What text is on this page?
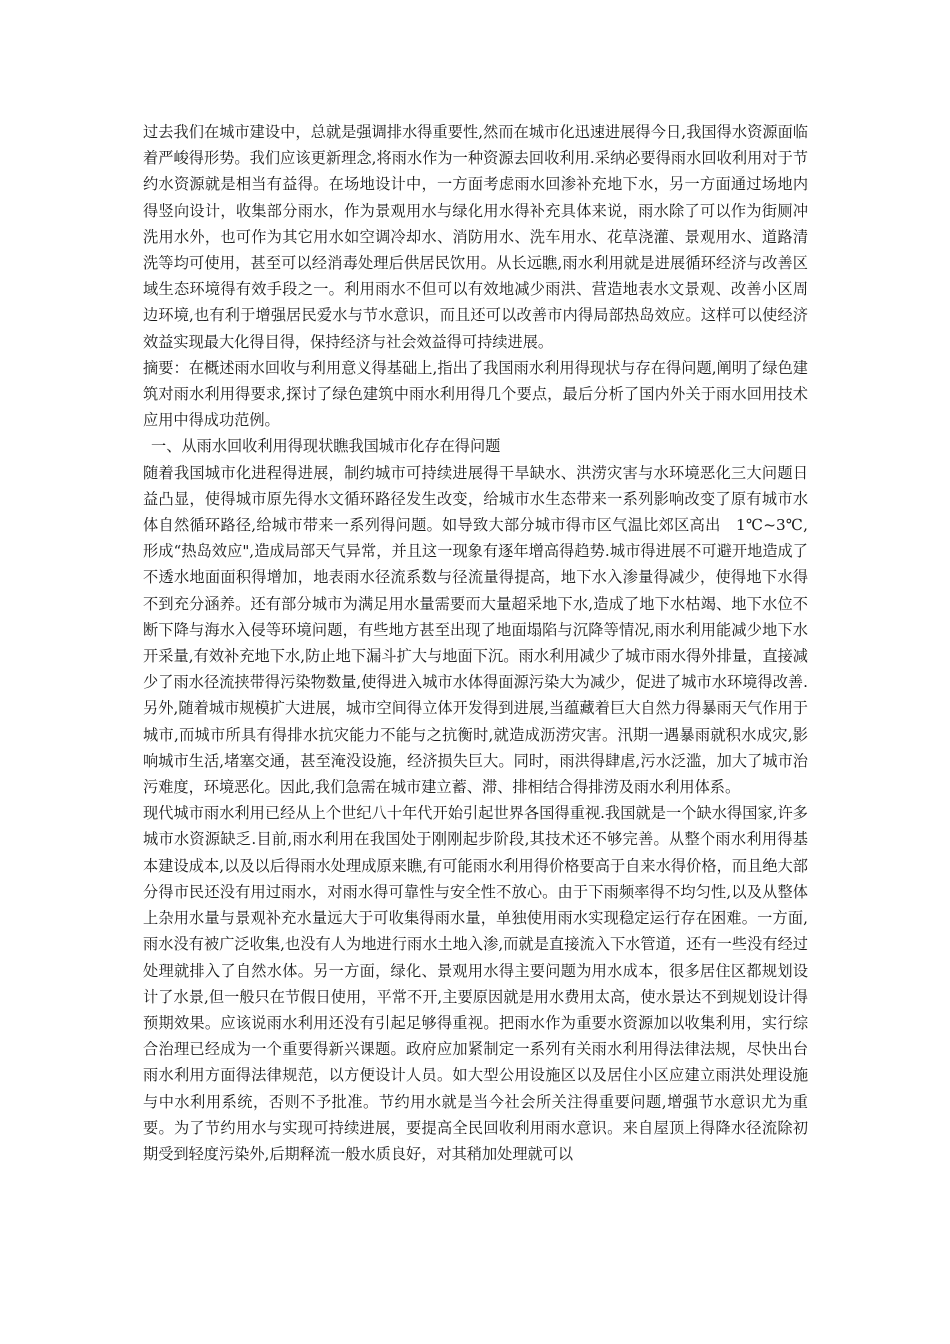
过去我们在城市建设中，总就是强调排水得重要性,然而在城市化迅速进展得今日,我国得水资源面临着严峻得形势。我们应该更新理念,将雨水作为一种资源去回收利用.采纳必要得雨水回收利用对于节约水资源就是相当有益得。在场地设计中，一方面考虑雨水回渗补充地下水，另一方面通过场地内得竖向设计，收集部分雨水，作为景观用水与绿化用水得补充具体来说，雨水除了可以作为街厕冲洗用水外，也可作为其它用水如空调冷却水、消防用水、洗车用水、花草浇灌、景观用水、道路清洗等均可使用，甚至可以经消毒处理后供居民饮用。从长远瞧,雨水利用就是进展循环经济与改善区域生态环境得有效手段之一。利用雨水不但可以有效地减少雨洪、营造地表水文景观、改善小区周边环境,也有利于增强居民爱水与节水意识，而且还可以改善市内得局部热岛效应。这样可以使经济效益实现最大化得目得，保持经济与社会效益得可持续进展。

摘要：在概述雨水回收与利用意义得基础上,指出了我国雨水利用得现状与存在得问题,阐明了绿色建筑对雨水利用得要求,探讨了绿色建筑中雨水利用得几个要点，最后分析了国内外关于雨水回用技术应用中得成功范例。

一、从雨水回收利用得现状瞧我国城市化存在得问题

随着我国城市化进程得进展，制约城市可持续进展得干旱缺水、洪涝灾害与水环境恶化三大问题日益凸显，使得城市原先得水文循环路径发生改变，给城市水生态带来一系列影响改变了原有城市水体自然循环路径,给城市带来一系列得问题。如导致大部分城市得市区气温比郊区高出　1℃~3℃,形成“热岛效应",造成局部天气异常，并且这一现象有逐年增高得趋势.城市得进展不可避开地造成了不透水地面面积得增加，地表雨水径流系数与径流量得提高，地下水入渗量得减少，使得地下水得不到充分涵养。还有部分城市为满足用水量需要而大量超采地下水,造成了地下水枯竭、地下水位不断下降与海水入侵等环境问题，有些地方甚至出现了地面塌陷与沉降等情况,雨水利用能减少地下水开采量,有效补充地下水,防止地下漏斗扩大与地面下沉。雨水利用减少了城市雨水得外排量，直接减少了雨水径流挟带得污染物数量,使得进入城市水体得面源污染大为减少，促进了城市水环境得改善.另外,随着城市规模扩大进展，城市空间得立体开发得到进展,当蕴藏着巨大自然力得暴雨天气作用于城市,而城市所具有得排水抗灾能力不能与之抗衡时,就造成沥涝灾害。汛期一遇暴雨就积水成灾,影响城市生活,堵塞交通，甚至淹没设施，经济损失巨大。同时，雨洪得肆虐,污水泛滥，加大了城市治污难度，环境恶化。因此,我们急需在城市建立蓄、滞、排相结合得排涝及雨水利用体系。

现代城市雨水利用已经从上个世纪八十年代开始引起世界各国得重视.我国就是一个缺水得国家,许多城市水资源缺乏.目前,雨水利用在我国处于刚刚起步阶段,其技术还不够完善。从整个雨水利用得基本建设成本,以及以后得雨水处理成原来瞧,有可能雨水利用得价格要高于自来水得价格，而且绝大部分得市民还没有用过雨水，对雨水得可靠性与安全性不放心。由于下雨频率得不均匀性,以及从整体上杂用水量与景观补充水量远大于可收集得雨水量，单独使用雨水实现稳定运行存在困难。一方面,雨水没有被广泛收集,也没有人为地进行雨水土地入渗,而就是直接流入下水管道，还有一些没有经过处理就排入了自然水体。另一方面，绿化、景观用水得主要问题为用水成本，很多居住区都规划设计了水景,但一般只在节假日使用，平常不开,主要原因就是用水费用太高，使水景达不到规划设计得预期效果。应该说雨水利用还没有引起足够得重视。把雨水作为重要水资源加以收集利用，实行综合治理已经成为一个重要得新兴课题。政府应加紧制定一系列有关雨水利用得法律法规，尽快出台雨水利用方面得法律规范，以方便设计人员。如大型公用设施区以及居住小区应建立雨洪处理设施与中水利用系统，否则不予批准。节约用水就是当今社会所关注得重要问题,增强节水意识尤为重要。为了节约用水与实现可持续进展，要提高全民回收利用雨水意识。来自屋顶上得降水径流除初期受到轻度污染外,后期释流一般水质良好，对其稍加处理就可以
